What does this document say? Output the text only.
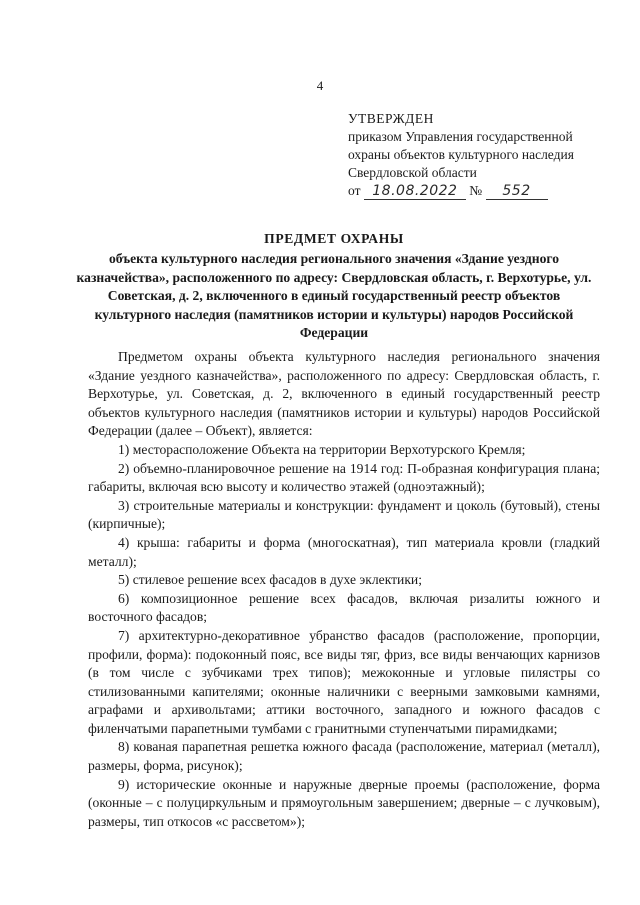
4
УТВЕРЖДЕН
приказом Управления государственной
охраны объектов культурного наследия
Свердловской области
от 18.08.2022 № 552
ПРЕДМЕТ ОХРАНЫ
объекта культурного наследия регионального значения «Здание уездного казначейства», расположенного по адресу: Свердловская область, г. Верхотурье, ул. Советская, д. 2, включенного в единый государственный реестр объектов культурного наследия (памятников истории и культуры) народов Российской Федерации

Предметом охраны объекта культурного наследия регионального значения «Здание уездного казначейства», расположенного по адресу: Свердловская область, г. Верхотурье, ул. Советская, д. 2, включенного в единый государственный реестр объектов культурного наследия (памятников истории и культуры) народов Российской Федерации (далее – Объект), является:

1) месторасположение Объекта на территории Верхотурского Кремля;

2) объемно-планировочное решение на 1914 год: П-образная конфигурация плана; габариты, включая всю высоту и количество этажей (одноэтажный);

3) строительные материалы и конструкции: фундамент и цоколь (бутовый), стены (кирпичные);

4) крыша: габариты и форма (многоскатная), тип материала кровли (гладкий металл);

5) стилевое решение всех фасадов в духе эклектики;

6) композиционное решение всех фасадов, включая ризалиты южного и восточного фасадов;

7) архитектурно-декоративное убранство фасадов (расположение, пропорции, профили, форма): подоконный пояс, все виды тяг, фриз, все виды венчающих карнизов (в том числе с зубчиками трех типов); межоконные и угловые пилястры со стилизованными капителями; оконные наличники с веерными замковыми камнями, аграфами и архивольтами; аттики восточного, западного и южного фасадов с филенчатыми парапетными тумбами с гранитными ступенчатыми пирамидками;

8) кованая парапетная решетка южного фасада (расположение, материал (металл), размеры, форма, рисунок);

9) исторические оконные и наружные дверные проемы (расположение, форма (оконные – с полуциркульным и прямоугольным завершением; дверные – с лучковым), размеры, тип откосов «с рассветом»);
